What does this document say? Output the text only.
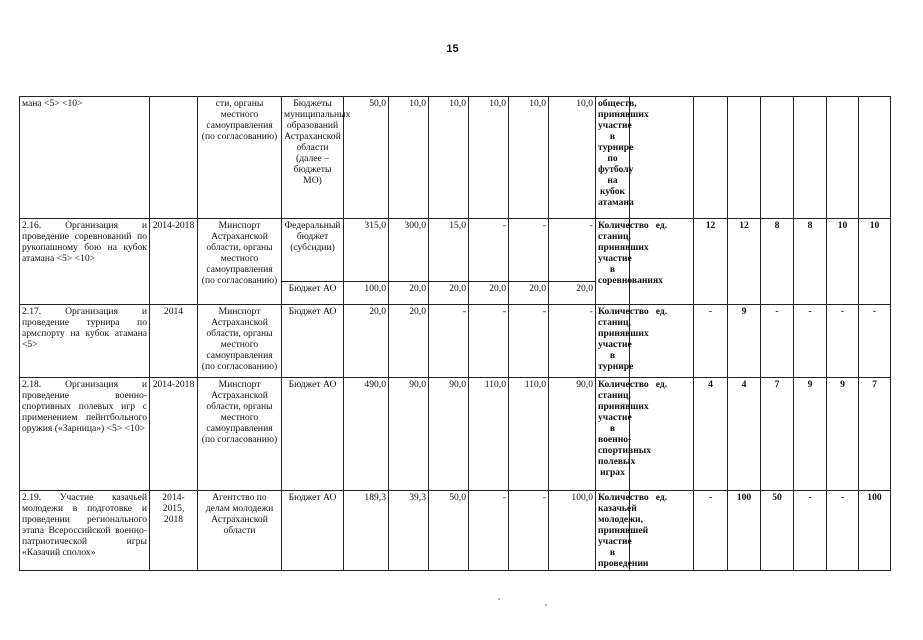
15
мана <5> <10>		сти, органы местного самоуправления (по согласованию)	Бюджеты муниципальных образований Астраханской области (далее – бюджеты МО)	50,0	10,0	10,0	10,0	10,0	10,0	обществ, принявших участие в турнире по футболу на кубок атамана							
2.16. Организация и проведение соревнований по рукопашному бою на кубок атамана <5> <10>	2014-2018	Минспорт Астраханской области, органы местного самоуправления (по согласованию)	Федеральный бюджет (субсидии)	315,0	300,0	15,0	-	-	-	Количество станиц, принявших участие в соревнованиях	ед.	12	12	8	8	10	10
			Бюджет АО	100,0	20,0	20,0	20,0	20,0	20,0								
2.17. Организация и проведение турнира по армспорту на кубок атамана <5>	2014	Минспорт Астраханской области, органы местного самоуправления (по согласованию)	Бюджет АО	20,0	20,0	-	-	-	-	Количество станиц, принявших участие в турнире	ед.	-	9	-	-	-	-
2.18. Организация и проведение военно-спортивных полевых игр с применением пейнтбольного оружия («Зарница») <5> <10>	2014-2018	Минспорт Астраханской области, органы местного самоуправления (по согласованию)	Бюджет АО	490,0	90,0	90,0	110,0	110,0	90,0	Количество станиц, принявших участие в военно-спортивных полевых играх	ед.	4	4	7	9	9	7
2.19. Участие казачьей молодежи в подготовке и проведении регионального этапа Всероссийской военно-патриотической игры «Казачий сполох»	2014-2015, 2018	Агентство по делам молодежи Астраханской области	Бюджет АО	189,3	39,3	50,0	-	-	100,0	Количество казачьей молодежи, принявшей участие в проведении	ед.	-	100	50	-	-	100
